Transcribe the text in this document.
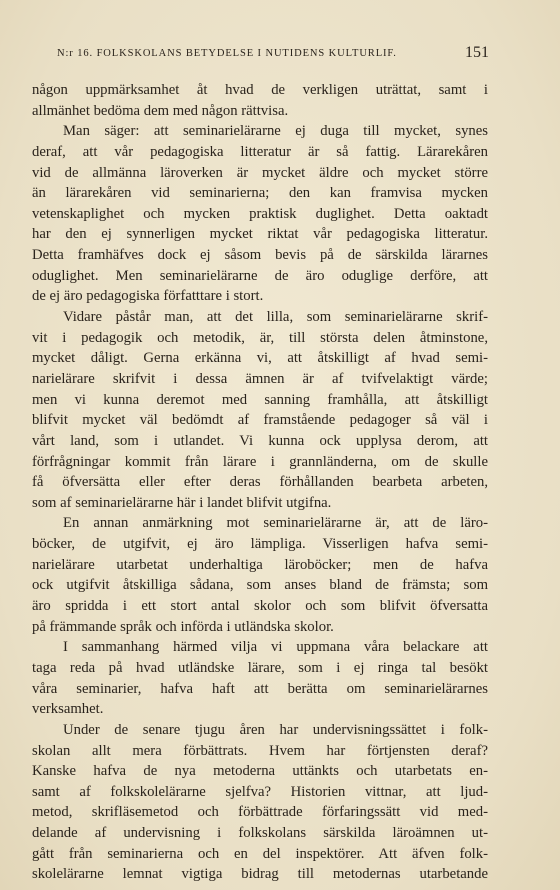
N:r 16. FOLKSKOLANS BETYDELSE I NUTIDENS KULTURLIF.	151
någon uppmärksamhet åt hvad de verkligen uträttat, samt i
allmänhet bedöma dem med någon rättvisa.
Man säger: att seminarielärarne ej duga till mycket, synes
deraf, att vår pedagogiska litteratur är så fattig. Lärarekåren
vid de allmänna läroverken är mycket äldre och mycket större
än lärarekåren vid seminarierna; den kan framvisa mycken
vetenskaplighet och mycken praktisk duglighet. Detta oaktadt
har den ej synnerligen mycket riktat vår pedagogiska litteratur.
Detta framhäfves dock ej såsom bevis på de särskilda lärarnes
oduglighet. Men seminarielärarne de äro oduglige derföre, att
de ej äro pedagogiska författtare i stort.
Vidare påstår man, att det lilla, som seminarielärarne skrif-
vit i pedagogik och metodik, är, till största delen åtminstone,
mycket dåligt. Gerna erkänna vi, att åtskilligt af hvad semi-
narielärare skrifvit i dessa ämnen är af tvifvelaktigt värde;
men vi kunna deremot med sanning framhålla, att åtskilligt
blifvit mycket väl bedömdt af framstående pedagoger så väl i
vårt land, som i utlandet. Vi kunna ock upplysa derom, att
förfrågningar kommit från lärare i grannländerna, om de skulle
få öfversätta eller efter deras förhållanden bearbeta arbeten,
som af seminarielärarne här i landet blifvit utgifna.
En annan anmärkning mot seminarielärarne är, att de läro-
böcker, de utgifvit, ej äro lämpliga. Visserligen hafva semi-
narielärare utarbetat underhaltiga läroböcker; men de hafva
ock utgifvit åtskilliga sådana, som anses bland de främsta; som
äro spridda i ett stort antal skolor och som blifvit öfversatta
på främmande språk och införda i utländska skolor.
I sammanhang härmed vilja vi uppmana våra belackare att
taga reda på hvad utländske lärare, som i ej ringa tal besökt
våra seminarier, hafva haft att berätta om seminarielärarnes
verksamhet.
Under de senare tjugu åren har undervisningssättet i folk-
skolan allt mera förbättrats. Hvem har förtjensten deraf?
Kanske hafva de nya metoderna uttänkts och utarbetats en-
samt af folkskolelärarne sjelfva? Historien vittnar, att ljud-
metod, skrifläsemetod och förbättrade förfaringssätt vid med-
delande af undervisning i folkskolans särskilda läroämnen ut-
gått från seminarierna och en del inspektörer. Att äfven folk-
skolelärarne lemnat vigtiga bidrag till metodernas utarbetande
